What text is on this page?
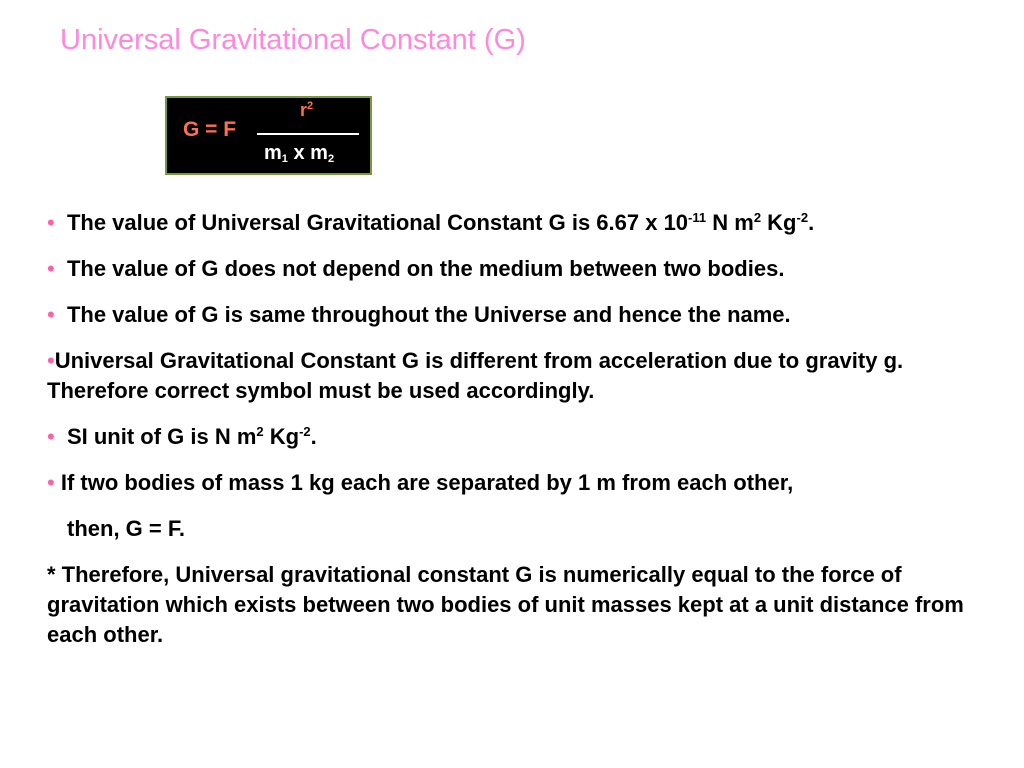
Universal Gravitational Constant (G)
G = F
$r^2$
$m_1$ x $m_2$

• The value of Universal Gravitational Constant G is 6.67 x $10^{-11}$ N $m^2$ $Kg^{-2}$.

• The value of G does not depend on the medium between two bodies.

• The value of G is same throughout the Universe and hence the name.

•Universal Gravitational Constant G is different from acceleration due to gravity g. Therefore correct symbol must be used accordingly.

• SI unit of G is N $m^2$ $Kg^{-2}$.

• If two bodies of mass 1 kg each are separated by 1 m from each other,

then, G = F.

* Therefore, Universal gravitational constant G is numerically equal to the force of gravitation which exists between two bodies of unit masses kept at a unit distance from each other.
